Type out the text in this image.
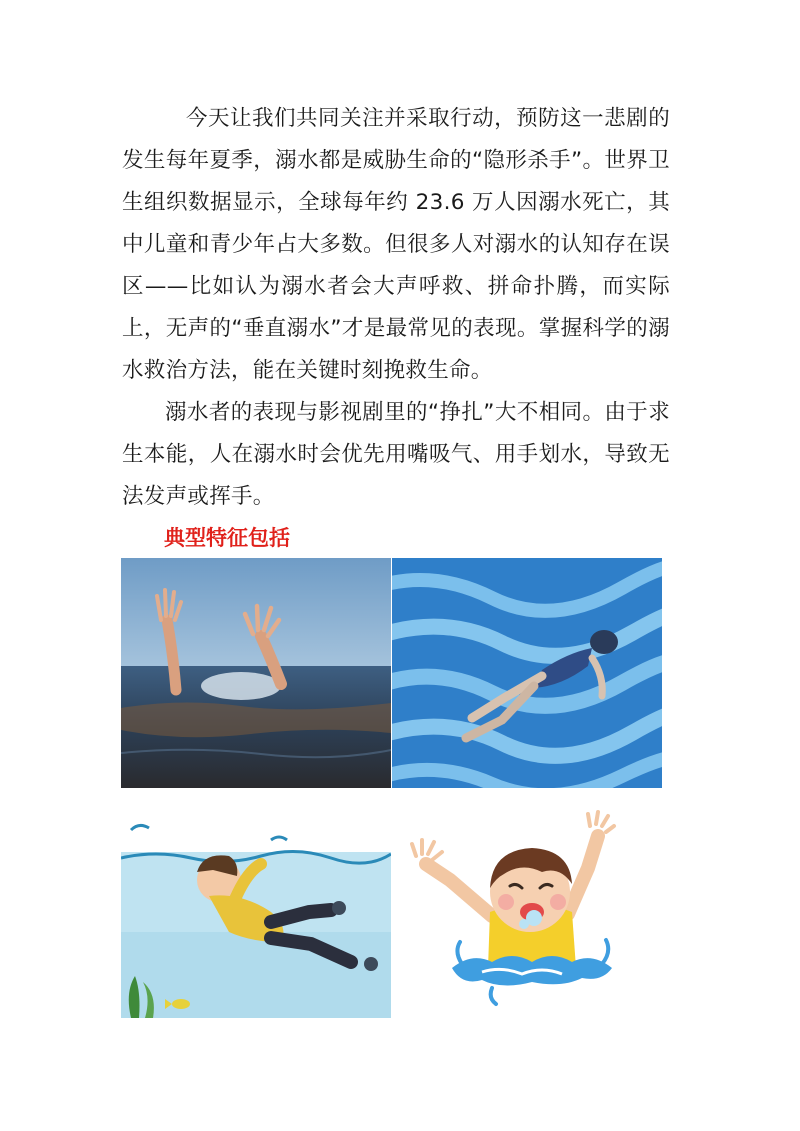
今天让我们共同关注并采取行动，预防这一悲剧的发生每年夏季，溺水都是威胁生命的“隐形杀手”。世界卫生组织数据显示，全球每年约 23.6 万人因溺水死亡，其中儿童和青少年占大多数。但很多人对溺水的认知存在误区——比如认为溺水者会大声呼救、拼命扑腾，而实际上，无声的“垂直溺水”才是最常见的表现。掌握科学的溺水救治方法，能在关键时刻挽救生命。

溺水者的表现与影视剧里的“挣扎”大不相同。由于求生本能，人在溺水时会优先用嘴吸气、用手划水，导致无法发声或挥手。

典型特征包括
